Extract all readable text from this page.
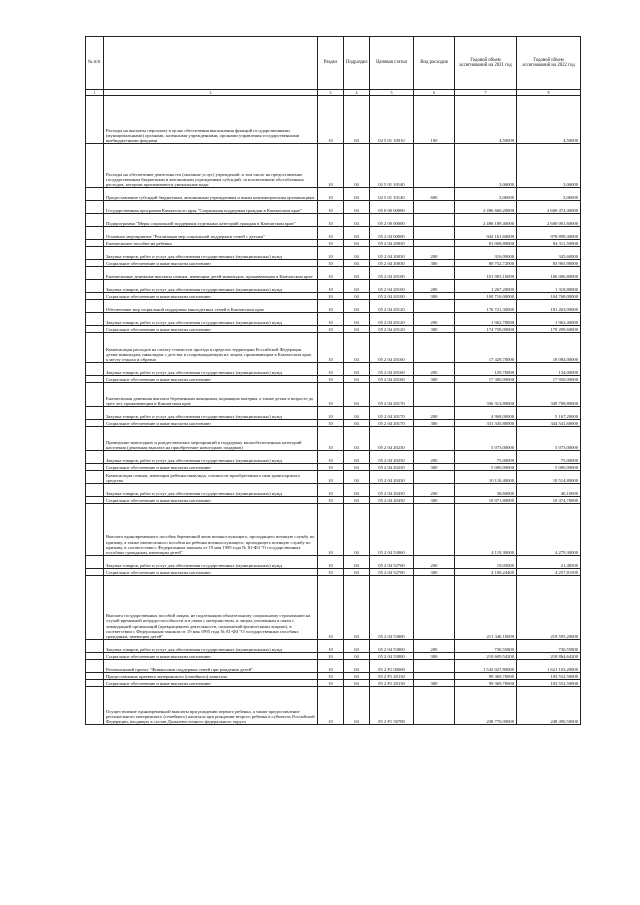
№ п/п		Раздел	Подраздел	Целевая статья	Вид расходов	Годовой объем ассигнований на 2021 год	Годовой объем ассигнований на 2022 год
1	2	3	4	5	6	7	8
	Расходы на выплаты персоналу в целях обеспечения выполнения функций государственными (муниципальными) органами, казенными учреждениями, органами управления государственными внебюджетными фондами	10	04	02 5 01 10010	100	4,50000	4,50000
	Расходы на обеспечение деятельности (оказание услуг) учреждений, в том числе на предоставление государственным бюджетным и автономным учреждениям субсидий, за исключением обособленных расходов, которым присваиваются уникальные коды	10	04	02 5 01 10140		3,06000	3,06000
	Предоставление субсидий бюджетным, автономным учреждениям и иным некоммерческим организациям	10	04	02 5 01 10140	600	3,06000	3,06000
	Государственная программа Камчатского края "Социальная поддержка граждан в Камчатском крае"	10	04	05 0 00 00000		2 486 660,20000	2 600 472,40000
	Подпрограмма "Меры социальной поддержки отдельных категорий граждан в Камчатском крае"	10	04	05 2 00 00000		2 486 189,40000	2 600 001,60000
	Основное мероприятие "Реализация мер социальной поддержки семей с детьми"	10	04	05 2 04 00000		944 161,60000	978 898,40000
	Ежемесячное пособие на ребенка	10	04	05 2 04 20030		81 068,80000	84 311,50000
	Закупка товаров, работ и услуг для обеспечения государственных (муниципальных) нужд	10	04	05 2 04 20030	200	316,00000	345,60000
	Социальное обеспечение и иные выплаты населению	10	04	05 2 04 20030	300	80 752,72000	83 965,90000
	Ежемесячные денежные выплаты семьям, имеющим детей-инвалидов, проживающим в Камчатском крае	10	04	05 2 04 20100		101 983,10000	106 006,80000
	Закупка товаров, работ и услуг для обеспечения государственных (муниципальных) нужд	10	04	05 2 04 20100	200	1 267,20000	1 318,80000
	Социальное обеспечение и иные выплаты населению	10	04	05 2 04 20100	300	100 716,00000	104 768,00000
	Обеспечение мер социальной поддержки многодетных семей в Камчатском крае	10	04	05 2 04 20120		176 721,30000	181 263,00000
	Закупка товаров, работ и услуг для обеспечения государственных (муниципальных) нужд	10	04	05 2 04 20120	200	1 962,70000	1 963,40000
	Социальное обеспечение и иные выплаты населению	10	04	05 2 04 20120	300	174 758,00000	179 299,60000
	Компенсация расходов на оплату стоимости проезда в пределах территории Российской Федерации детям-инвалидам, инвалидам с детства и сопровождающим их лицам, проживающим в Камчатском крае, к месту отдыха и обратно	10	04	05 2 04 20160		17 429,70000	18 084,00000
	Закупка товаров, работ и услуг для обеспечения государственных (муниципальных) нужд	10	04	05 2 04 20160	200	129,70000	134,00000
	Социальное обеспечение и иные выплаты населению	10	04	05 2 04 20160	300	17 300,00000	17 950,00000
	Ежемесячная денежная выплата беременным женщинам, кормящим матерям, а также детям в возрасте до трех лет, проживающим в Камчатском крае	10	04	05 2 04 20170		336 313,80000	349 708,80000
	Закупка товаров, работ и услуг для обеспечения государственных (муниципальных) нужд	10	04	05 2 04 20170	200	4 968,00000	5 167,20000
	Социальное обеспечение и иные выплаты населению	10	04	05 2 04 20170	300	331 345,80000	344 541,60000
	Проведение новогодних и рождественских мероприятий в поддержку малообеспеченных категорий населения (денежная выплата на приобретение новогодних подарков)	10	04	05 2 04 20230		5 075,00000	5 075,00000
	Закупка товаров, работ и услуг для обеспечения государственных (муниципальных) нужд	10	04	05 2 04 20230	200	75,00000	75,00000
	Социальное обеспечение и иные выплаты населению	10	04	05 2 04 20230	300	5 000,00000	5 000,00000
	Компенсация семьям, имеющим ребенка-инвалида, стоимости приобретенного ими транспортного средства	10	04	05 2 04 20430		10 110,40000	10 514,80000
	Закупка товаров, работ и услуг для обеспечения государственных (муниципальных) нужд	10	04	05 2 04 20430	200	38,60000	40,10000
	Социальное обеспечение и иные выплаты населению	10	04	05 2 04 20430	300	10 071,80000	10 474,70000
	Выплата единовременного пособия беременной жене военнослужащего, проходящего военную службу по призыву, а также ежемесячного пособия на ребенка военнослужащего, проходящего военную службу по призыву, в соответствии с Федеральным законом от 19 мая 1995 года № 81-ФЗ "О государственных пособиях гражданам, имеющим детей"	10	04	05 2 04 53060		4 119,30000	4 279,30000
	Закупка товаров, работ и услуг для обеспечения государственных (муниципальных) нужд	10	04	05 2 04 52700	200	19,05000	21,48500
	Социальное обеспечение и иные выплаты населению	10	04	05 2 04 52700	300	4 100,24400	4 257,81500
	Выплата государственных пособий лицам, не подлежащим обязательному социальному страхованию на случай временной нетрудоспособности и в связи с материнством, и лицам, уволенным в связи с ликвидацией организаций (прекращением деятельности, полномочий физическими лицами), в соответствии с Федеральным законом от 19 мая 1995 года № 81-ФЗ "О государственных пособиях гражданам, имеющим детей"	10	04	05 2 04 53800		211 340,10000	219 595,20000
	Закупка товаров, работ и услуг для обеспечения государственных (муниципальных) нужд	10	04	05 2 04 53800	200	730,55800	730,55800
	Социальное обеспечение и иные выплаты населению	10	04	05 2 04 53800	300	210 609,54200	218 864,64200
	Региональный проект "Финансовая поддержка семей при рождении детей"	10	04	05 2 P1 00000		1 542 027,80000	1 621 103,20000
	Предоставление краевого материнского (семейного) капитала	10	04	05 2 P1 20130		99 369,70000	103 552,50000
	Социальное обеспечение и иные выплаты населению	10	04	05 2 P1 20130	300	99 369,70000	103 552,50000
	Осуществление единовременной выплаты при рождении первого ребенка, а также предоставление регионального материнского (семейного) капитала при рождении второго ребенка в субъектах Российской Федерации, входящих в состав Дальневосточного федерального округа	10	04	05 2 P1 50780		238 770,00000	248 490,50000
